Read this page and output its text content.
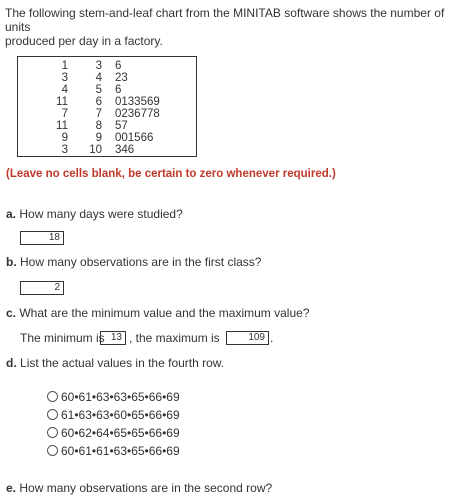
The following stem-and-leaf chart from the MINITAB software shows the number of units
produced per day in a factory.
1
3
4
11
7
11
9
3
3
4
5
6
7
8
9
10
6
23
6
0133569
0236778
57
001566
346
(Leave no cells blank, be certain to zero whenever required.)
a. How many days were studied?
18
b. How many observations are in the first class?
2
c. What are the minimum value and the maximum value?
The minimum is 13 , the maximum is	109 .
d. List the actual values in the fourth row.
60•61•63•63•65•66•69
61•63•63•60•65•66•69
60•62•64•65•65•66•69
60•61•61•63•65•66•69
e. How many observations are in the second row?
